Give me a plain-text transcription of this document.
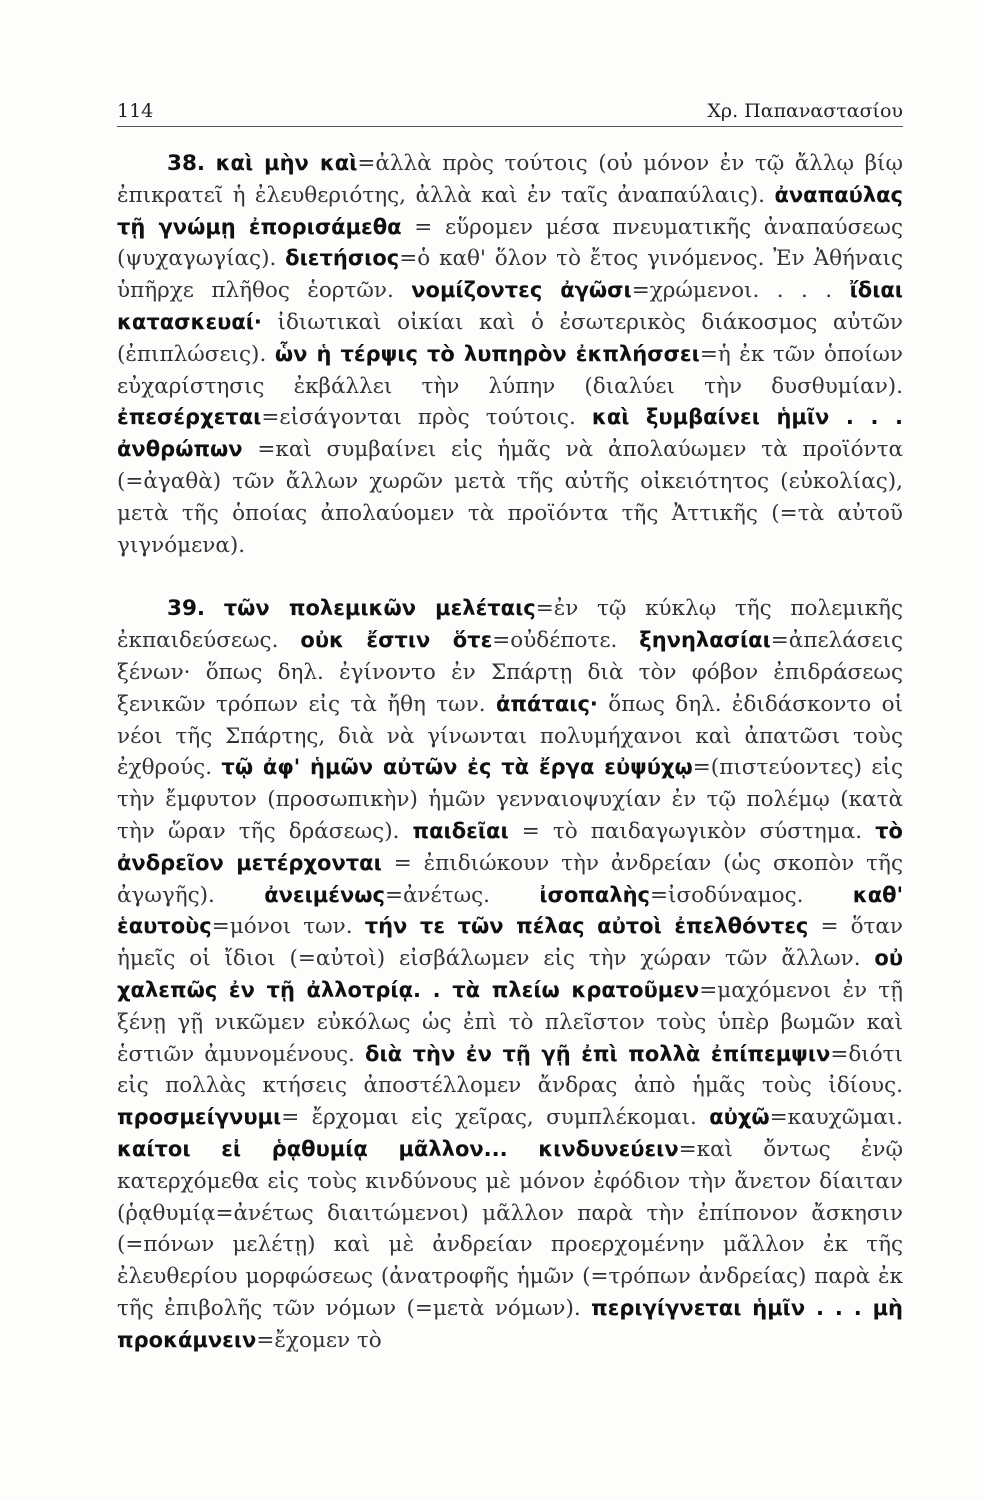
114	Χρ. Παπαναστασίου

38. καὶ μὴν καὶ=ἀλλὰ πρὸς τούτοις (οὐ μόνον ἐν τῷ ἄλλῳ βίῳ ἐπικρατεῖ ἡ ἐλευθεριότης, ἀλλὰ καὶ ἐν ταῖς ἀναπαύλαις). ἀναπαύλας τῇ γνώμῃ ἐπορισάμεθα = εὕρομεν μέσα πνευματικῆς ἀναπαύσεως (ψυχαγωγίας). διετήσιος=ὁ καθ' ὅλον τὸ ἔτος γινόμενος. Ἐν Ἀθήναις ὑπῆρχε πλῆθος ἑορτῶν. νομίζοντες ἀγῶσι=χρώμενοι. . . . ἴδιαι κατασκευαί· ἰδιωτικαὶ οἰκίαι καὶ ὁ ἐσωτερικὸς διάκοσμος αὐτῶν (ἐπιπλώσεις). ὧν ἡ τέρψις τὸ λυπηρὸν ἐκπλήσσει=ἡ ἐκ τῶν ὁποίων εὐχαρίστησις ἐκβάλλει τὴν λύπην (διαλύει τὴν δυσθυμίαν). ἐπεσέρχεται=εἰσάγονται πρὸς τούτοις. καὶ ξυμβαίνει ἡμῖν . . . ἀνθρώπων =καὶ συμβαίνει εἰς ἡμᾶς νὰ ἀπολαύωμεν τὰ προϊόντα (=ἀγαθὰ) τῶν ἄλλων χωρῶν μετὰ τῆς αὐτῆς οἰκειότητος (εὐκολίας), μετὰ τῆς ὁποίας ἀπολαύομεν τὰ προϊόντα τῆς Ἀττικῆς (=τὰ αὐτοῦ γιγνόμενα).

39. τῶν πολεμικῶν μελέταις=ἐν τῷ κύκλῳ τῆς πολεμικῆς ἐκπαιδεύσεως. οὐκ ἔστιν ὅτε=οὐδέποτε. ξηνηλασίαι=ἀπελάσεις ξένων· ὅπως δηλ. ἐγίνοντο ἐν Σπάρτῃ διὰ τὸν φόβον ἐπιδράσεως ξενικῶν τρόπων εἰς τὰ ἤθη των. ἀπάταις· ὅπως δηλ. ἐδιδάσκοντο οἱ νέοι τῆς Σπάρτης, διὰ νὰ γίνωνται πολυμήχανοι καὶ ἀπατῶσι τοὺς ἐχθρούς. τῷ ἀφ' ἡμῶν αὐτῶν ἐς τὰ ἔργα εὐψύχῳ=(πιστεύοντες) εἰς τὴν ἔμφυτον (προσωπικὴν) ἡμῶν γενναιοψυχίαν ἐν τῷ πολέμῳ (κατὰ τὴν ὥραν τῆς δράσεως). παιδεῖαι = τὸ παιδαγωγικὸν σύστημα. τὸ ἀνδρεῖον μετέρχονται = ἐπιδιώκουν τὴν ἀνδρείαν (ὡς σκοπὸν τῆς ἀγωγῆς). ἀνειμένως=ἀνέτως. ἰσοπαλὴς=ἰσοδύναμος. καθ' ἑαυτοὺς=μόνοι των. τήν τε τῶν πέλας αὐτοὶ ἐπελθόντες = ὅταν ἡμεῖς οἱ ἴδιοι (=αὐτοὶ) εἰσβάλωμεν εἰς τὴν χώραν τῶν ἄλλων. οὐ χαλεπῶς ἐν τῇ ἀλλοτρίᾳ. . τὰ πλείω κρατοῦμεν=μαχόμενοι ἐν τῇ ξένῃ γῇ νικῶμεν εὐκόλως ὡς ἐπὶ τὸ πλεῖστον τοὺς ὑπὲρ βωμῶν καὶ ἑστιῶν ἀμυνομένους. διὰ τὴν ἐν τῇ γῇ ἐπὶ πολλὰ ἐπίπεμψιν=διότι εἰς πολλὰς κτήσεις ἀποστέλλομεν ἄνδρας ἀπὸ ἡμᾶς τοὺς ἰδίους. προσμείγνυμι= ἔρχομαι εἰς χεῖρας, συμπλέκομαι. αὐχῶ=καυχῶμαι. καίτοι εἰ ῥᾳθυμίᾳ μᾶλλον... κινδυνεύειν=καὶ ὄντως ἐνῷ κατερχόμεθα εἰς τοὺς κινδύνους μὲ μόνον ἐφόδιον τὴν ἄνετον δίαιταν (ῥᾳθυμίᾳ=ἀνέτως διαιτώμενοι) μᾶλλον παρὰ τὴν ἐπίπονον ἄσκησιν (=πόνων μελέτῃ) καὶ μὲ ἀνδρείαν προερχομένην μᾶλλον ἐκ τῆς ἐλευθερίου μορφώσεως (ἀνατροφῆς ἡμῶν (=τρόπων ἀνδρείας) παρὰ ἐκ τῆς ἐπιβολῆς τῶν νόμων (=μετὰ νόμων). περιγίγνεται ἡμῖν . . . μὴ προκάμνειν=ἔχομεν τὸ
